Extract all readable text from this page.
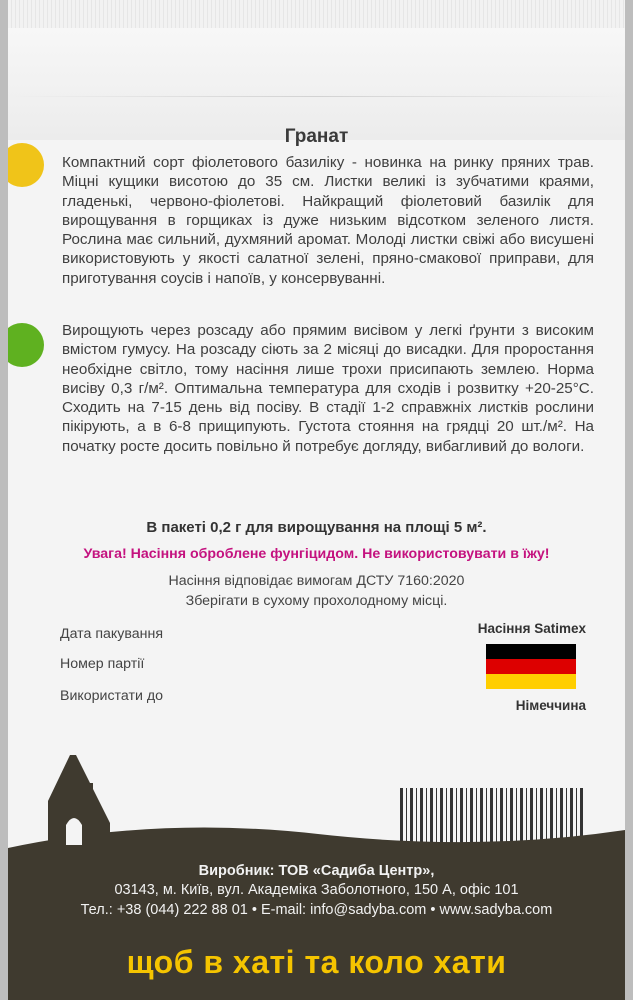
Гранат

Компактний сорт фіолетового базиліку - новинка на ринку пряних трав. Міцні кущики висотою до 35 см. Листки великі із зубчатими краями, гладенькі, червоно-фіолетові. Найкращий фіолетовий базилік для вирощування в горщиках із дуже низьким відсотком зеленого листя. Рослина має сильний, духмяний аромат. Молоді листки свіжі або висушені використовують у якості салатної зелені, пряно-смакової приправи, для приготування соусів і напоїв, у консервуванні.

Вирощують через розсаду або прямим висівом у легкі ґрунти з високим вмістом гумусу. На розсаду сіють за 2 місяці до висадки. Для проростання необхідне світло, тому насіння лише трохи присипають землею. Норма висіву 0,3 г/м². Оптимальна температура для сходів і розвитку +20-25°С. Сходить на 7-15 день від посіву. В стадії 1-2 справжніх листків рослини пікірують, а в 6-8 прищипують. Густота стояння на грядці 20 шт./м². На початку росте досить повільно й потребує догляду, вибагливий до вологи.

В пакеті 0,2 г для вирощування на площі 5 м².

Увага! Насіння оброблене фунгіцидом. Не використовувати в їжу!

Насіння відповідає вимогам ДСТУ 7160:2020

Зберігати в сухому прохолодному місці.

Дата пакування

Номер партії

Використати до

Насіння Satimex
Німеччина

Виробник: ТОВ «Садиба Центр»,

03143, м. Київ, вул. Академіка Заболотного, 150 А, офіс 101

Тел.: +38 (044) 222 88 01 • E-mail: info@sadyba.com • www.sadyba.com

щоб в хаті та коло хати
